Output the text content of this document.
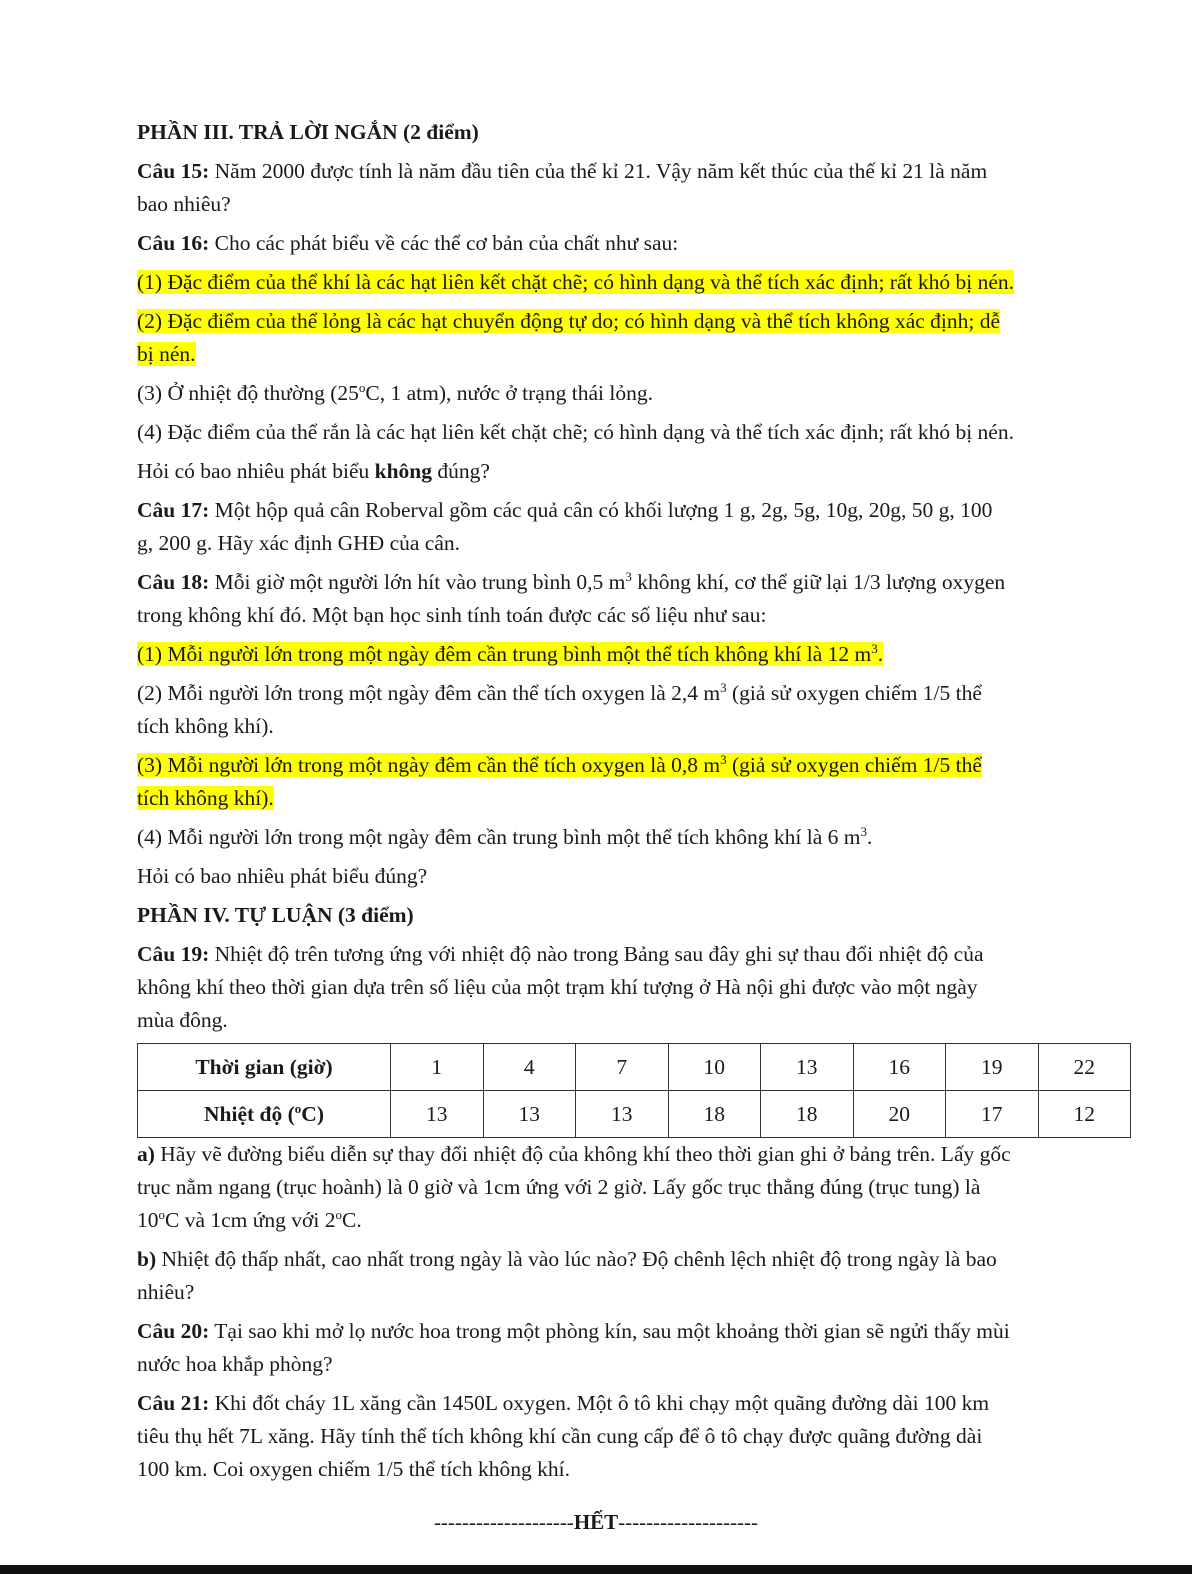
PHẦN III. TRẢ LỜI NGẮN (2 điểm)
Câu 15: Năm 2000 được tính là năm đầu tiên của thế kỉ 21. Vậy năm kết thúc của thế kỉ 21 là năm
bao nhiêu?
Câu 16: Cho các phát biểu về các thể cơ bản của chất như sau:
(1) Đặc điểm của thể khí là các hạt liên kết chặt chẽ; có hình dạng và thể tích xác định; rất khó bị nén.
(2) Đặc điểm của thể lỏng là các hạt chuyển động tự do; có hình dạng và thể tích không xác định; dễ
bị nén.
(3) Ở nhiệt độ thường (25$^o$C, 1 atm), nước ở trạng thái lỏng.
(4) Đặc điểm của thể rắn là các hạt liên kết chặt chẽ; có hình dạng và thể tích xác định; rất khó bị nén.
Hỏi có bao nhiêu phát biểu không đúng?
Câu 17: Một hộp quả cân Roberval gồm các quả cân có khối lượng 1 g, 2g, 5g, 10g, 20g, 50 g, 100
g, 200 g. Hãy xác định GHĐ của cân.
Câu 18: Mỗi giờ một người lớn hít vào trung bình 0,5 $m^3$ không khí, cơ thể giữ lại 1/3 lượng oxygen
trong không khí đó. Một bạn học sinh tính toán được các số liệu như sau:
(1) Mỗi người lớn trong một ngày đêm cần trung bình một thể tích không khí là 12 $m^3$.
(2) Mỗi người lớn trong một ngày đêm cần thể tích oxygen là 2,4 $m^3$ (giả sử oxygen chiếm 1/5 thể
tích không khí).
(3) Mỗi người lớn trong một ngày đêm cần thể tích oxygen là 0,8 $m^3$ (giả sử oxygen chiếm 1/5 thể
tích không khí).
(4) Mỗi người lớn trong một ngày đêm cần trung bình một thể tích không khí là 6 $m^3$.
Hỏi có bao nhiêu phát biểu đúng?
PHẦN IV. TỰ LUẬN (3 điểm)
Câu 19: Nhiệt độ trên tương ứng với nhiệt độ nào trong Bảng sau đây ghi sự thau đổi nhiệt độ của
không khí theo thời gian dựa trên số liệu của một trạm khí tượng ở Hà nội ghi được vào một ngày
mùa đông.
Thời gian (giờ)	1	4	7	10	13	16	19	22
Nhiệt độ ($^o$C)	13	13	13	18	18	20	17	12
a) Hãy vẽ đường biểu diễn sự thay đổi nhiệt độ của không khí theo thời gian ghi ở bảng trên. Lấy gốc
trục nằm ngang (trục hoành) là 0 giờ và 1cm ứng với 2 giờ. Lấy gốc trục thẳng đúng (trục tung) là
10$^o$C và 1cm ứng với 2$^o$C.
b) Nhiệt độ thấp nhất, cao nhất trong ngày là vào lúc nào? Độ chênh lệch nhiệt độ trong ngày là bao
nhiêu?
Câu 20: Tại sao khi mở lọ nước hoa trong một phòng kín, sau một khoảng thời gian sẽ ngửi thấy mùi
nước hoa khắp phòng?
Câu 21: Khi đốt cháy 1L xăng cần 1450L oxygen. Một ô tô khi chạy một quãng đường dài 100 km
tiêu thụ hết 7L xăng. Hãy tính thể tích không khí cần cung cấp để ô tô chạy được quãng đường dài
100 km. Coi oxygen chiếm 1/5 thể tích không khí.
--------------------HẾT--------------------
